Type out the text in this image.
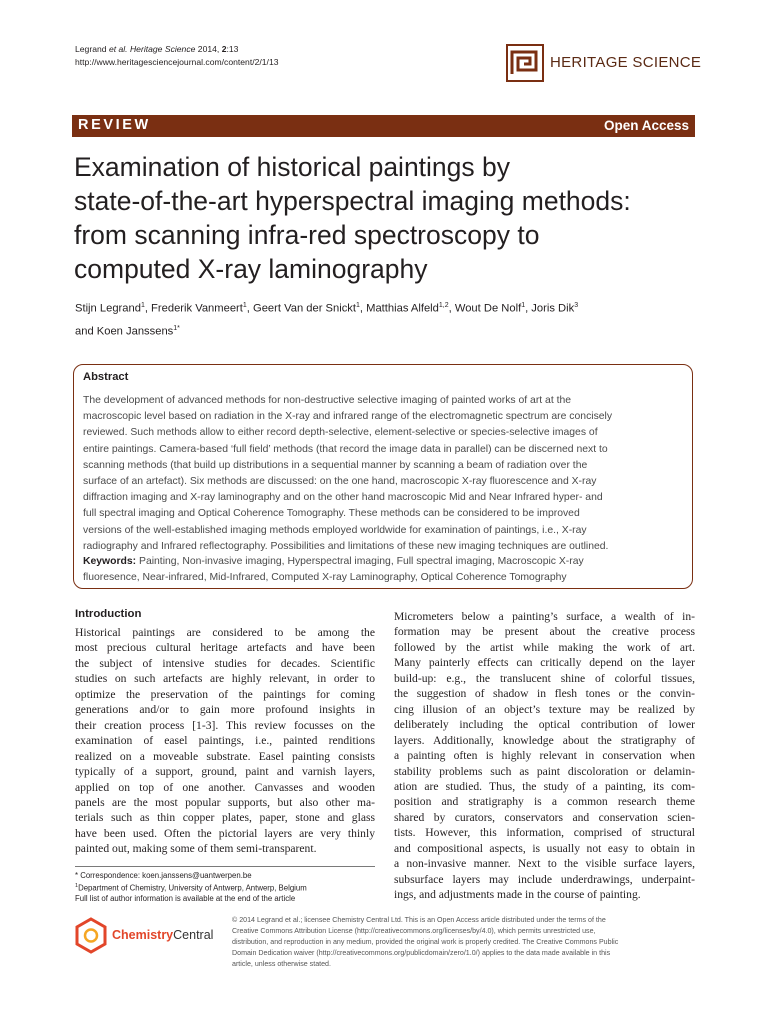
Legrand et al. Heritage Science 2014, 2:13
http://www.heritagesciencejournal.com/content/2/1/13	HERITAGE SCIENCE
REVIEW	Open Access
Examination of historical paintings by
state-of-the-art hyperspectral imaging methods:
from scanning infra-red spectroscopy to
computed X-ray laminography
Stijn Legrand$^1$, Frederik Vanmeert$^1$, Geert Van der Snickt$^1$, Matthias Alfeld$^{1,2}$, Wout De Nolf$^1$, Joris Dik$^3$
and Koen Janssens$^{1*}$
Abstract
The development of advanced methods for non-destructive selective imaging of painted works of art at the
macroscopic level based on radiation in the X-ray and infrared range of the electromagnetic spectrum are concisely
reviewed. Such methods allow to either record depth-selective, element-selective or species-selective images of
entire paintings. Camera-based ‘full field’ methods (that record the image data in parallel) can be discerned next to
scanning methods (that build up distributions in a sequential manner by scanning a beam of radiation over the
surface of an artefact). Six methods are discussed: on the one hand, macroscopic X-ray fluorescence and X-ray
diffraction imaging and X-ray laminography and on the other hand macroscopic Mid and Near Infrared hyper- and
full spectral imaging and Optical Coherence Tomography. These methods can be considered to be improved
versions of the well-established imaging methods employed worldwide for examination of paintings, i.e., X-ray
radiography and Infrared reflectography. Possibilities and limitations of these new imaging techniques are outlined.
Keywords: Painting, Non-invasive imaging, Hyperspectral imaging, Full spectral imaging, Macroscopic X-ray
fluoresence, Near-infrared, Mid-Infrared, Computed X-ray Laminography, Optical Coherence Tomography
Introduction
Historical paintings are considered to be among the
most precious cultural heritage artefacts and have been
the subject of intensive studies for decades. Scientific
studies on such artefacts are highly relevant, in order to
optimize the preservation of the paintings for coming
generations and/or to gain more profound insights in
their creation process [1-3]. This review focusses on the
examination of easel paintings, i.e., painted renditions
realized on a moveable substrate. Easel painting consists
typically of a support, ground, paint and varnish layers,
applied on top of one another. Canvasses and wooden
panels are the most popular supports, but also other ma-
terials such as thin copper plates, paper, stone and glass
have been used. Often the pictorial layers are very thinly
painted out, making some of them semi-transparent.
Micrometers below a painting’s surface, a wealth of in-
formation may be present about the creative process
followed by the artist while making the work of art.
Many painterly effects can critically depend on the layer
build-up: e.g., the translucent shine of colorful tissues,
the suggestion of shadow in flesh tones or the convin-
cing illusion of an object’s texture may be realized by
deliberately including the optical contribution of lower
layers. Additionally, knowledge about the stratigraphy of
a painting often is highly relevant in conservation when
stability problems such as paint discoloration or delamin-
ation are studied. Thus, the study of a painting, its com-
position and stratigraphy is a common research theme
shared by curators, conservators and conservation scien-
tists. However, this information, comprised of structural
and compositional aspects, is usually not easy to obtain in
a non-invasive manner. Next to the visible surface layers,
subsurface layers may include underdrawings, underpaint-
ings, and adjustments made in the course of painting.
* Correspondence: koen.janssens@uantwerpen.be
$^1$Department of Chemistry, University of Antwerp, Antwerp, Belgium
Full list of author information is available at the end of the article
ChemistryCentral
© 2014 Legrand et al.; licensee Chemistry Central Ltd. This is an Open Access article distributed under the terms of the
Creative Commons Attribution License (http://creativecommons.org/licenses/by/4.0), which permits unrestricted use,
distribution, and reproduction in any medium, provided the original work is properly credited. The Creative Commons Public
Domain Dedication waiver (http://creativecommons.org/publicdomain/zero/1.0/) applies to the data made available in this
article, unless otherwise stated.
